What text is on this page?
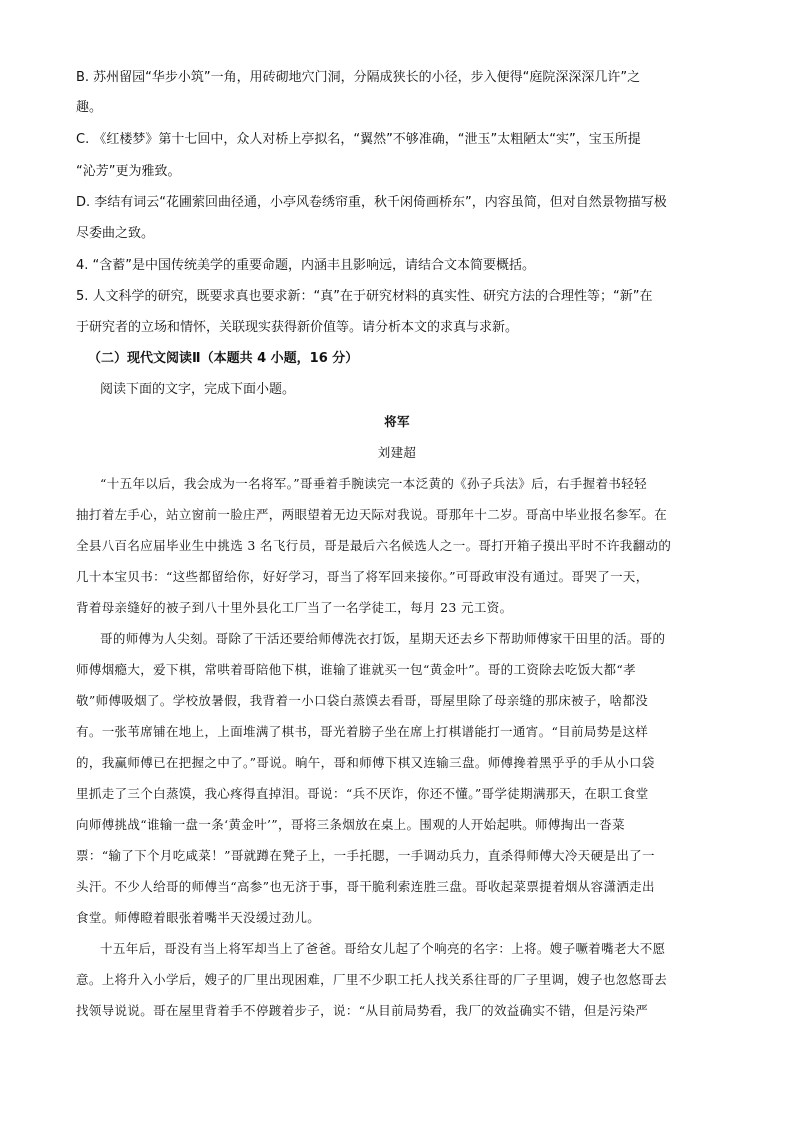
B. 苏州留园“华步小筑”一角，用砖砌地穴门洞，分隔成狭长的小径，步入便得“庭院深深深几许”之
趣。
C. 《红楼梦》第十七回中，众人对桥上亭拟名，“翼然”不够准确，“泄玉”太粗陋太“实”，宝玉所提
“沁芳”更为雅致。
D. 李结有词云“花圃萦回曲径通，小亭风卷绣帘重，秋千闲倚画桥东”，内容虽简，但对自然景物描写极
尽委曲之致。
4. “含蓄”是中国传统美学的重要命题，内涵丰且影响远，请结合文本简要概括。
5. 人文科学的研究，既要求真也要求新：“真”在于研究材料的真实性、研究方法的合理性等；“新”在
于研究者的立场和情怀，关联现实获得新价值等。请分析本文的求真与求新。
（二）现代文阅读Ⅱ（本题共 4 小题，16 分）
阅读下面的文字，完成下面小题。
将军
刘建超
“十五年以后，我会成为一名将军。”哥垂着手腕读完一本泛黄的《孙子兵法》后，右手握着书轻轻
抽打着左手心，站立窗前一脸庄严，两眼望着无边天际对我说。哥那年十二岁。哥高中毕业报名参军。在
全县八百名应届毕业生中挑选 3 名飞行员，哥是最后六名候选人之一。哥打开箱子摸出平时不许我翻动的
几十本宝贝书：“这些都留给你，好好学习，哥当了将军回来接你。”可哥政审没有通过。哥哭了一天，
背着母亲缝好的被子到八十里外县化工厂当了一名学徒工，每月 23 元工资。
哥的师傅为人尖刻。哥除了干活还要给师傅洗衣打饭，星期天还去乡下帮助师傅家干田里的活。哥的
师傅烟瘾大，爱下棋，常哄着哥陪他下棋，谁输了谁就买一包“黄金叶”。哥的工资除去吃饭大都“孝
敬”师傅吸烟了。学校放暑假，我背着一小口袋白蒸馍去看哥，哥屋里除了母亲缝的那床被子，啥都没
有。一张苇席铺在地上，上面堆满了棋书，哥光着膀子坐在席上打棋谱能打一通宵。“目前局势是这样
的，我赢师傅已在把握之中了。”哥说。晌午，哥和师傅下棋又连输三盘。师傅搀着黑乎乎的手从小口袋
里抓走了三个白蒸馍，我心疼得直掉泪。哥说：“兵不厌诈，你还不懂。”哥学徒期满那天，在职工食堂
向师傅挑战“谁输一盘一条‘黄金叶’”，哥将三条烟放在桌上。围观的人开始起哄。师傅掏出一沓菜
票：“输了下个月吃咸菜！”哥就蹲在凳子上，一手托腮，一手调动兵力，直杀得师傅大冷天硬是出了一
头汗。不少人给哥的师傅当“高参”也无济于事，哥干脆利索连胜三盘。哥收起菜票提着烟从容潇洒走出
食堂。师傅瞪着眼张着嘴半天没缓过劲儿。
十五年后，哥没有当上将军却当上了爸爸。哥给女儿起了个响亮的名字：上将。嫂子噘着嘴老大不愿
意。上将升入小学后，嫂子的厂里出现困难，厂里不少职工托人找关系往哥的厂子里调，嫂子也忽悠哥去
找领导说说。哥在屋里背着手不停踱着步子，说：“从目前局势看，我厂的效益确实不错，但是污染严
